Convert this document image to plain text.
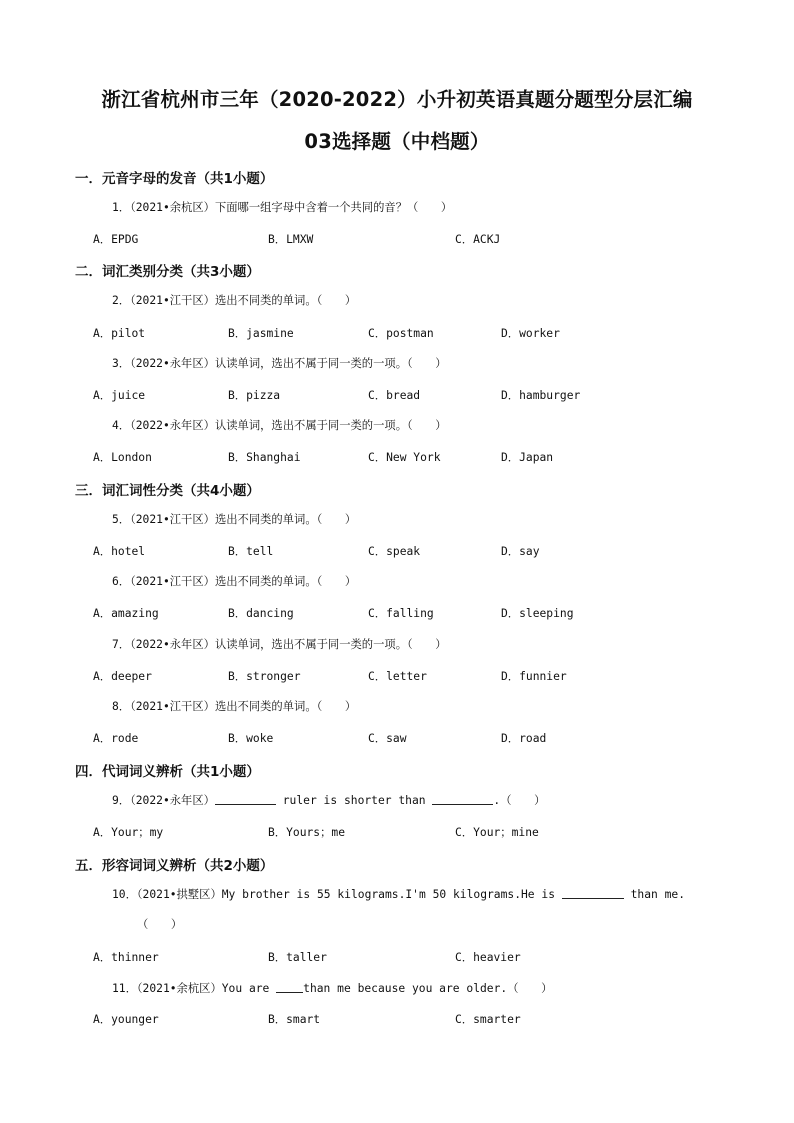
浙江省杭州市三年（2020-2022）小升初英语真题分题型分层汇编
03选择题（中档题）
一．元音字母的发音（共1小题）
1．（2021•余杭区）下面哪一组字母中含着一个共同的音？（　　）
A．EPDG	B．LMXW	C．ACKJ
二．词汇类别分类（共3小题）
2．（2021•江干区）选出不同类的单词。（　　）
A．pilot	B．jasmine	C．postman	D．worker
3．（2022•永年区）认读单词，选出不属于同一类的一项。（　　）
A．juice	B．pizza	C．bread	D．hamburger
4．（2022•永年区）认读单词，选出不属于同一类的一项。（　　）
A．London	B．Shanghai	C．New York	D．Japan
三．词汇词性分类（共4小题）
5．（2021•江干区）选出不同类的单词。（　　）
A．hotel	B．tell	C．speak	D．say
6．（2021•江干区）选出不同类的单词。（　　）
A．amazing	B．dancing	C．falling	D．sleeping
7．（2022•永年区）认读单词，选出不属于同一类的一项。（　　）
A．deeper	B．stronger	C．letter	D．funnier
8．（2021•江干区）选出不同类的单词。（　　）
A．rode	B．woke	C．saw	D．road
四．代词词义辨析（共1小题）
9．（2022•永年区）	ruler is shorter than	.（　　）
A．Your；my	B．Yours；me	C．Your；mine
五．形容词词义辨析（共2小题）
10．（2021•拱墅区）My brother is 55 kilograms.I'm 50 kilograms.He is	than me.
（　　）
A．thinner	B．taller	C．heavier
11．（2021•余杭区）You are than me because you are older.（　　）
A．younger	B．smart	C．smarter
